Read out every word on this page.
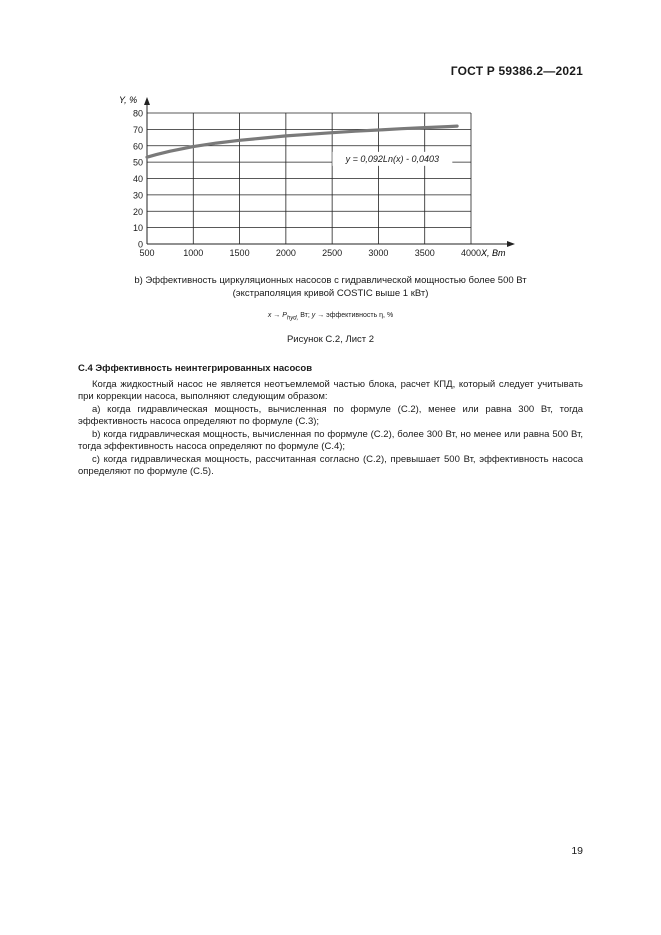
ГОСТ Р 59386.2—2021
0
10
20
30
40
50
60
70
80
500	1000	1500	2000	2500	3000	3500	4000
Y, %
X, Вт
y = 0,092Ln(x) - 0,0403
b) Эффективность циркуляционных насосов с гидравлической мощностью более 500 Вт
(экстраполяция кривой COSTIC выше 1 кВт)
$x \to P_{hyd,}$ Вт; y → эффективность η, %
Рисунок С.2, Лист 2
С.4 Эффективность неинтегрированных насосов

Когда жидкостный насос не является неотъемлемой частью блока, расчет КПД, который следует учитывать при коррекции насоса, выполняют следующим образом:

a) когда гидравлическая мощность, вычисленная по формуле (С.2), менее или равна 300 Вт, тогда эффективность насоса определяют по формуле (С.3);

b) когда гидравлическая мощность, вычисленная по формуле (С.2), более 300 Вт, но менее или равна 500 Вт, тогда эффективность насоса определяют по формуле (С.4);

c) когда гидравлическая мощность, рассчитанная согласно (С.2), превышает 500 Вт, эффективность насоса определяют по формуле (С.5).

19
